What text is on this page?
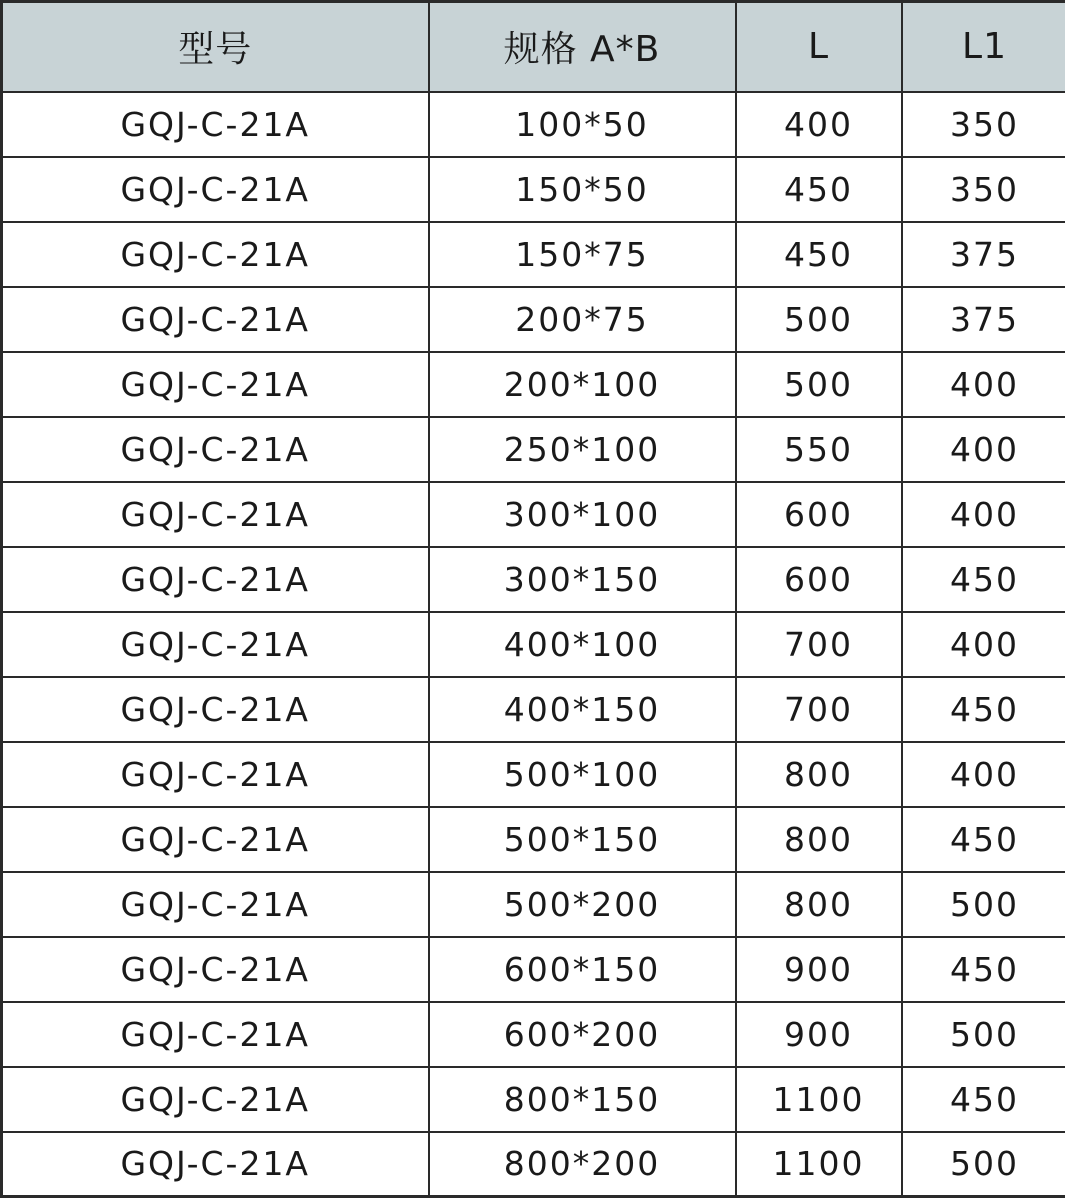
型号	规格 A*B	L	L1
GQJ-C-21A	100*50	400	350
GQJ-C-21A	150*50	450	350
GQJ-C-21A	150*75	450	375
GQJ-C-21A	200*75	500	375
GQJ-C-21A	200*100	500	400
GQJ-C-21A	250*100	550	400
GQJ-C-21A	300*100	600	400
GQJ-C-21A	300*150	600	450
GQJ-C-21A	400*100	700	400
GQJ-C-21A	400*150	700	450
GQJ-C-21A	500*100	800	400
GQJ-C-21A	500*150	800	450
GQJ-C-21A	500*200	800	500
GQJ-C-21A	600*150	900	450
GQJ-C-21A	600*200	900	500
GQJ-C-21A	800*150	1100	450
GQJ-C-21A	800*200	1100	500
